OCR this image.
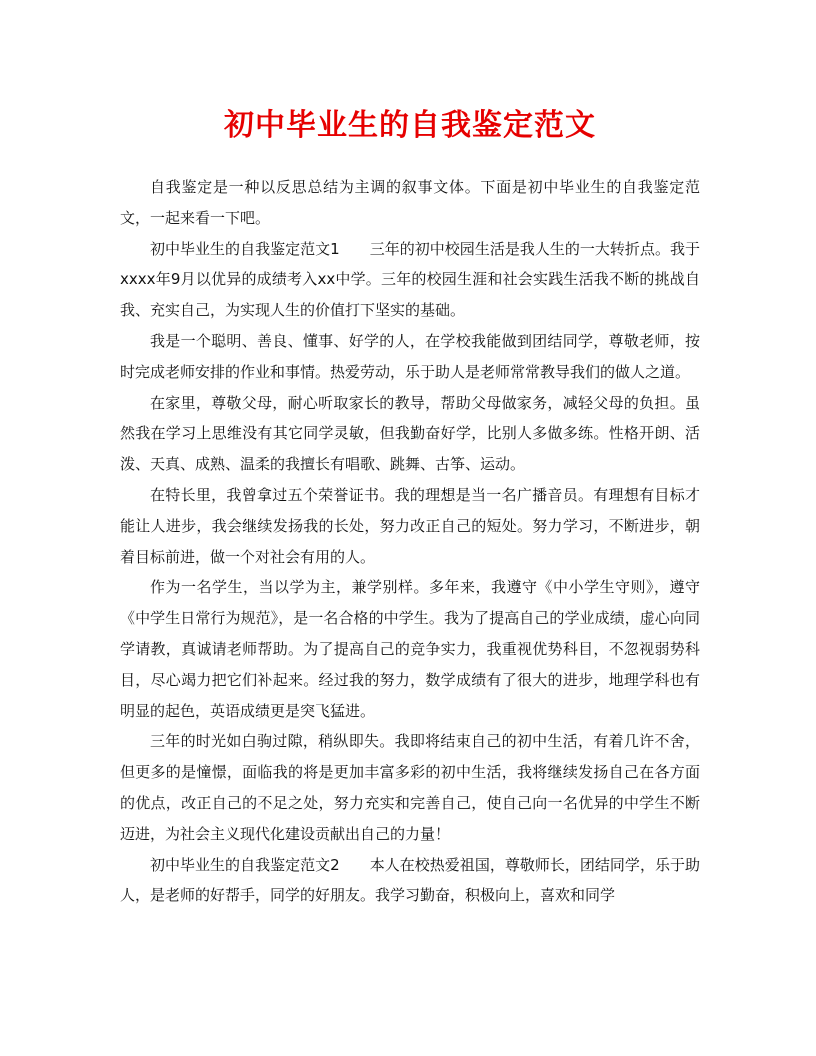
初中毕业生的自我鉴定范文

自我鉴定是一种以反思总结为主调的叙事文体。下面是初中毕业生的自我鉴定范文，一起来看一下吧。

初中毕业生的自我鉴定范文1　　三年的初中校园生活是我人生的一大转折点。我于xxxx年9月以优异的成绩考入xx中学。三年的校园生涯和社会实践生活我不断的挑战自我、充实自己，为实现人生的价值打下坚实的基础。

我是一个聪明、善良、懂事、好学的人，在学校我能做到团结同学，尊敬老师，按时完成老师安排的作业和事情。热爱劳动，乐于助人是老师常常教导我们的做人之道。

在家里，尊敬父母，耐心听取家长的教导，帮助父母做家务，减轻父母的负担。虽然我在学习上思维没有其它同学灵敏，但我勤奋好学，比别人多做多练。性格开朗、活泼、天真、成熟、温柔的我擅长有唱歌、跳舞、古筝、运动。

在特长里，我曾拿过五个荣誉证书。我的理想是当一名广播音员。有理想有目标才能让人进步，我会继续发扬我的长处，努力改正自己的短处。努力学习，不断进步，朝着目标前进，做一个对社会有用的人。

作为一名学生，当以学为主，兼学别样。多年来，我遵守《中小学生守则》，遵守《中学生日常行为规范》，是一名合格的中学生。我为了提高自己的学业成绩，虚心向同学请教，真诚请老师帮助。为了提高自己的竞争实力，我重视优势科目，不忽视弱势科目，尽心竭力把它们补起来。经过我的努力，数学成绩有了很大的进步，地理学科也有明显的起色，英语成绩更是突飞猛进。

三年的时光如白驹过隙，稍纵即失。我即将结束自己的初中生活，有着几许不舍，但更多的是憧憬，面临我的将是更加丰富多彩的初中生活，我将继续发扬自己在各方面的优点，改正自己的不足之处，努力充实和完善自己，使自己向一名优异的中学生不断迈进，为社会主义现代化建设贡献出自己的力量！

初中毕业生的自我鉴定范文2　　本人在校热爱祖国，尊敬师长，团结同学，乐于助人，是老师的好帮手，同学的好朋友。我学习勤奋，积极向上，喜欢和同学
